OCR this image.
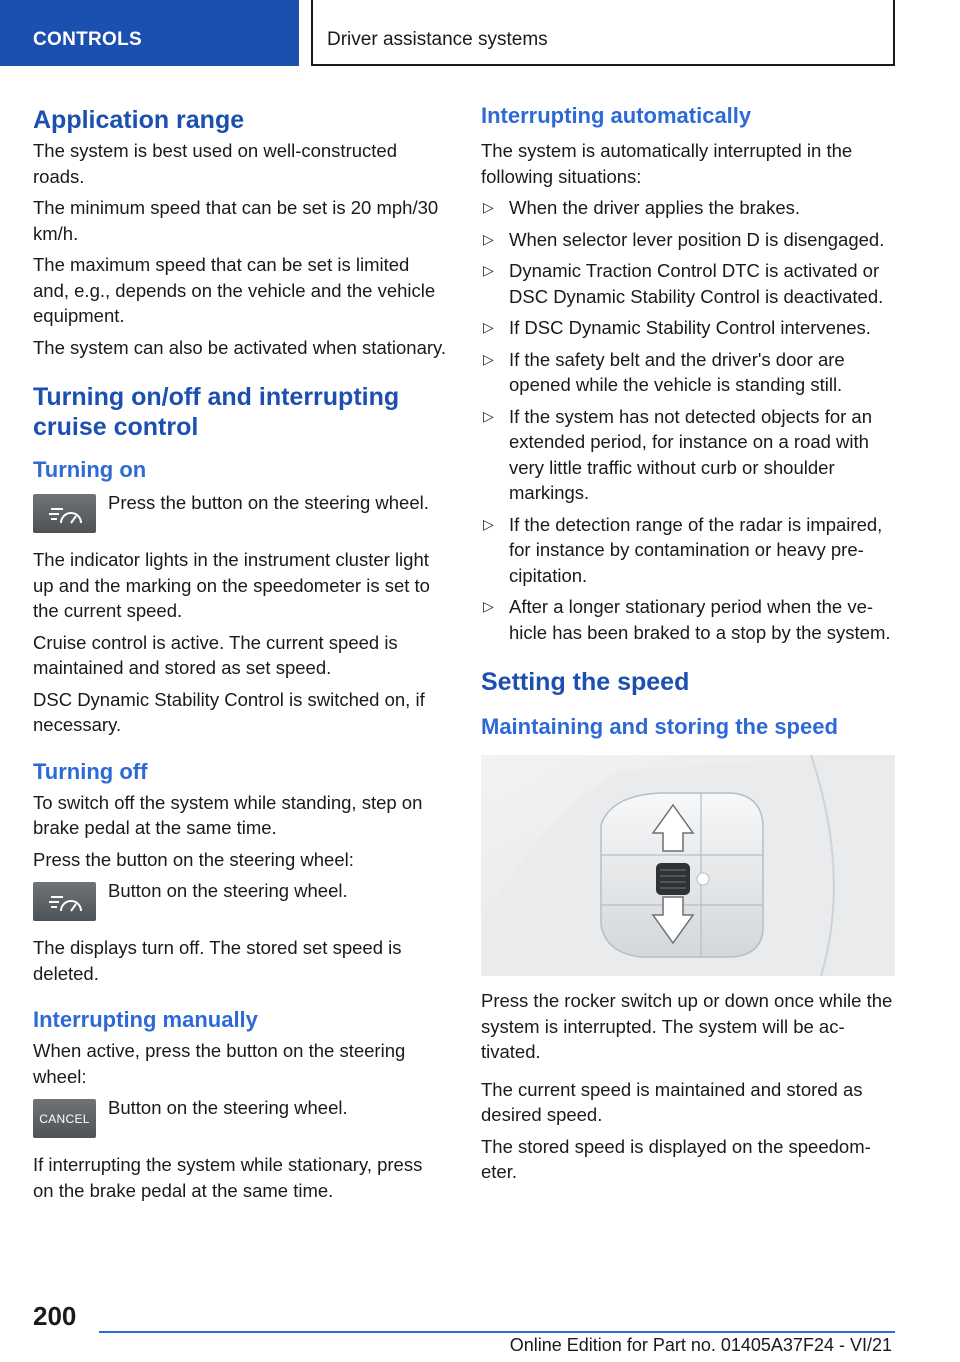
CONTROLS	Driver assistance systems
Application range

The system is best used on well-constructed roads.

The minimum speed that can be set is 20 mph/30 km/h.

The maximum speed that can be set is limited and, e.g., depends on the vehicle and the vehicle equipment.

The system can also be activated when stationary.

Turning on/off and interrupting cruise control
Turning on

Press the button on the steering wheel.

The indicator lights in the instrument cluster light up and the marking on the speedometer is set to the current speed.

Cruise control is active. The current speed is maintained and stored as set speed.

DSC Dynamic Stability Control is switched on, if necessary.

Turning off

To switch off the system while standing, step on brake pedal at the same time.

Press the button on the steering wheel:

Button on the steering wheel.

The displays turn off. The stored set speed is deleted.

Interrupting manually

When active, press the button on the steering wheel:

CANCEL

Button on the steering wheel.

If interrupting the system while stationary, press on the brake pedal at the same time.

Interrupting automatically

The system is automatically interrupted in the following situations:

▷ When the driver applies the brakes.
▷ When selector lever position D is disengaged.
▷ Dynamic Traction Control DTC is activated or DSC Dynamic Stability Control is deactivated.
▷ If DSC Dynamic Stability Control intervenes.
▷ If the safety belt and the driver's door are opened while the vehicle is standing still.
▷ If the system has not detected objects for an extended period, for instance on a road with very little traffic without curb or shoulder markings.
▷ If the detection range of the radar is impaired, for instance by contamination or heavy precipitation.
▷ After a longer stationary period when the vehicle has been braked to a stop by the system.
Setting the speed
Maintaining and storing the speed

Press the rocker switch up or down once while the system is interrupted. The system will be activated.

The current speed is maintained and stored as desired speed.

The stored speed is displayed on the speedometer.

200
Online Edition for Part no. 01405A37F24 - VI/21
